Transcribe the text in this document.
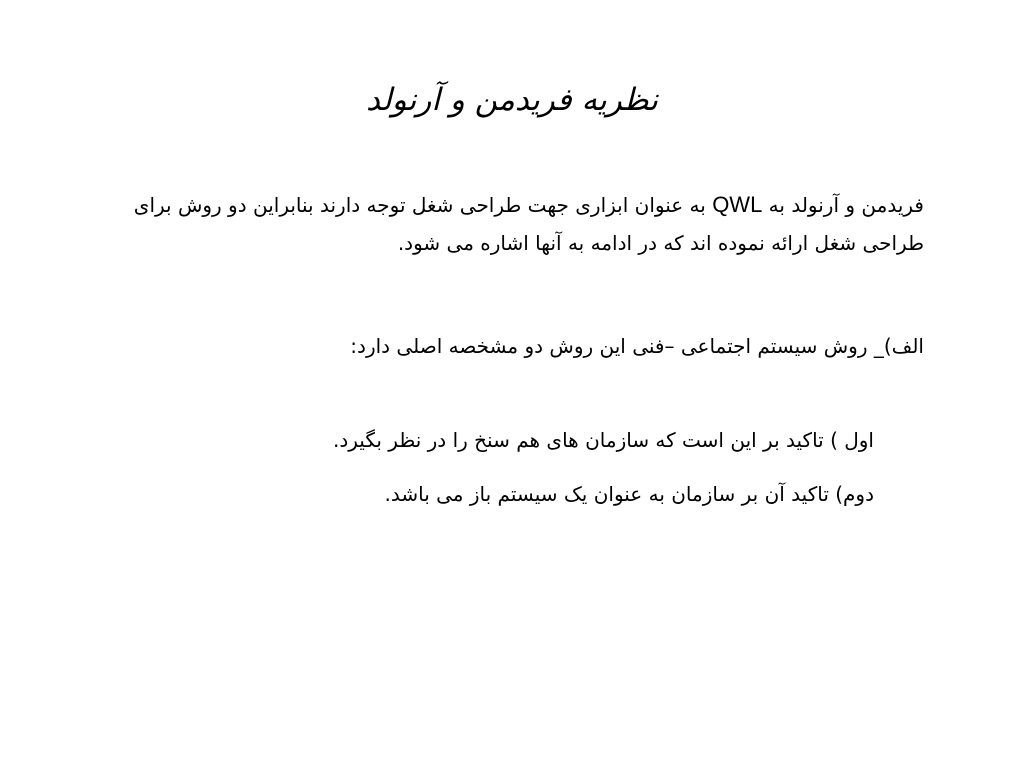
نظریه فریدمن و آرنولد
فریدمن و آرنولد به QWL به عنوان ابزاری جهت طراحی شغل توجه دارند بنابراین دو روش برای طراحی شغل ارائه نموده اند که در ادامه به آنها اشاره می شود.
الف)_ روش سیستم اجتماعی –فنی این روش دو مشخصه اصلی دارد:
اول ) تاکید بر این است که سازمان های هم سنخ را در نظر بگیرد.
دوم) تاکید آن بر سازمان به عنوان یک سیستم باز می باشد.
